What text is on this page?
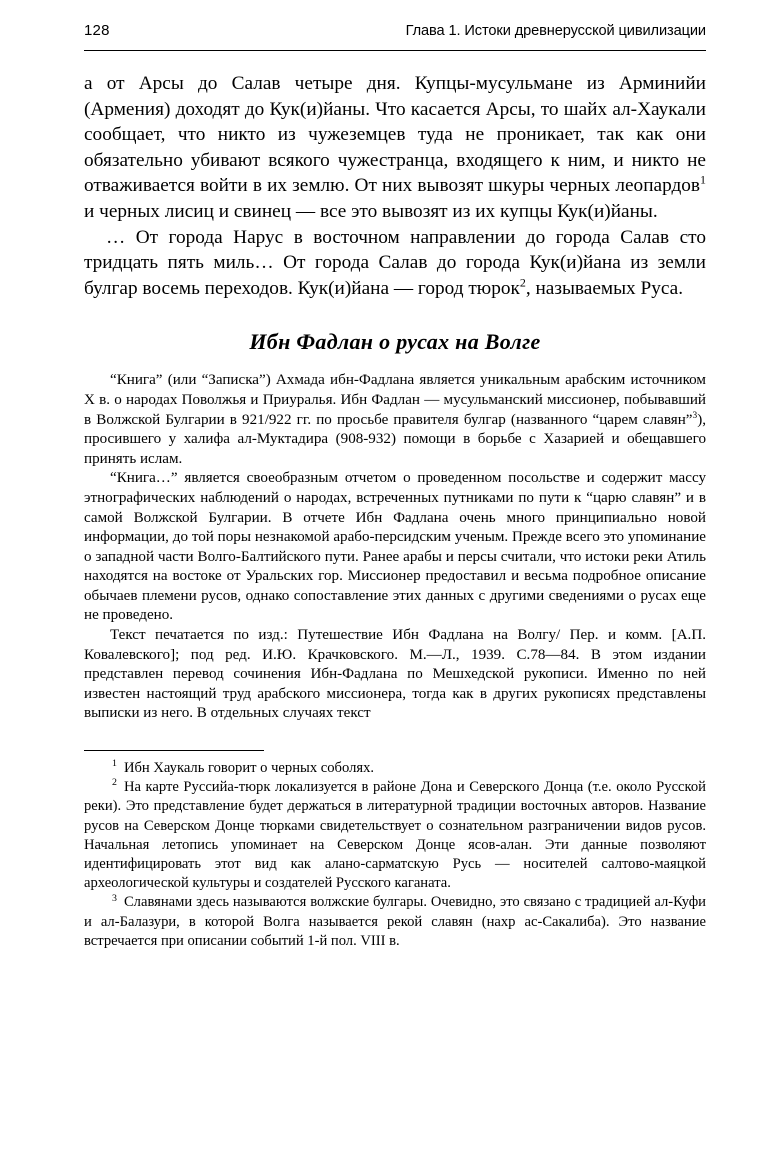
128	Глава 1. Истоки древнерусской цивилизации

а от Арсы до Салав четыре дня. Купцы-мусульмане из Арминийи (Армения) доходят до Кук(и)йаны. Что касается Арсы, то шайх ал-Хаукали сообщает, что никто из чужеземцев туда не проникает, так как они обязательно убивают всякого чужестранца, входящего к ним, и никто не отваживается войти в их землю. От них вывозят шкуры черных леопардов$^1$ и черных лисиц и свинец — все это вывозят из их купцы Кук(и)йаны.

… От города Нарус в восточном направлении до города Салав сто тридцать пять миль… От города Салав до города Кук(и)йана из земли булгар восемь переходов. Кук(и)йана — город тюрок$^2$, называемых Руса.

Ибн Фадлан о русах на Волге

“Книга” (или “Записка”) Ахмада ибн-Фадлана является уникальным арабским источником X в. о народах Поволжья и Приуралья. Ибн Фадлан — мусульманский миссионер, побывавший в Волжской Булгарии в 921/922 гг. по просьбе правителя булгар (названного “царем славян”$^3$), просившего у халифа ал-Муктадира (908-932) помощи в борьбе с Хазарией и обещавшего принять ислам.

“Книга…” является своеобразным отчетом о проведенном посольстве и содержит массу этнографических наблюдений о народах, встреченных путниками по пути к “царю славян” и в самой Волжской Булгарии. В отчете Ибн Фадлана очень много принципиально новой информации, до той поры незнакомой арабо-персидским ученым. Прежде всего это упоминание о западной части Волго-Балтийского пути. Ранее арабы и персы считали, что истоки реки Атиль находятся на востоке от Уральских гор. Миссионер предоставил и весьма подробное описание обычаев племени русов, однако сопоставление этих данных с другими сведениями о русах еще не проведено.

Текст печатается по изд.: Путешествие Ибн Фадлана на Волгу/ Пер. и комм. [А.П. Ковалевского]; под ред. И.Ю. Крачковского. М.—Л., 1939. С.78—84. В этом издании представлен перевод сочинения Ибн-Фадлана по Мешхедской рукописи. Именно по ней известен настоящий труд арабского миссионера, тогда как в других рукописях представлены выписки из него. В отдельных случаях текст

$^1$ Ибн Хаукаль говорит о черных соболях.

$^2$ На карте Руссийа-тюрк локализуется в районе Дона и Северского Донца (т.е. около Русской реки). Это представление будет держаться в литературной традиции восточных авторов. Название русов на Северском Донце тюрками свидетельствует о сознательном разграничении видов русов. Начальная летопись упоминает на Северском Донце ясов-алан. Эти данные позволяют идентифицировать этот вид как алано-сарматскую Русь — носителей салтово-маяцкой археологической культуры и создателей Русского каганата.

$^3$ Славянами здесь называются волжские булгары. Очевидно, это связано с традицией ал-Куфи и ал-Балазури, в которой Волга называется рекой славян (нахр ас-Сакалиба). Это название встречается при описании событий 1-й пол. VIII в.
